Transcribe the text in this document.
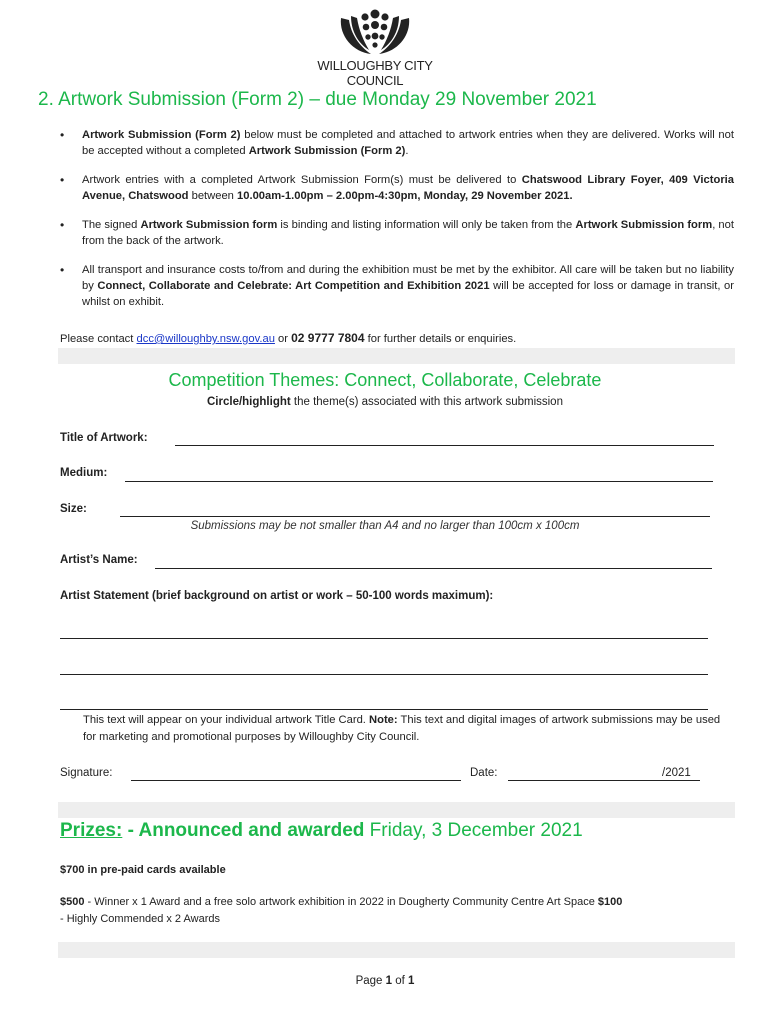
WILLOUGHBY CITY COUNCIL
2. Artwork Submission (Form 2) – due Monday 29 November 2021
• Artwork Submission (Form 2) below must be completed and attached to artwork entries when they are delivered. Works will not be accepted without a completed Artwork Submission (Form 2).
• Artwork entries with a completed Artwork Submission Form(s) must be delivered to Chatswood Library Foyer, 409 Victoria Avenue, Chatswood between 10.00am-1.00pm – 2.00pm-4:30pm, Monday, 29 November 2021.
• The signed Artwork Submission form is binding and listing information will only be taken from the Artwork Submission form, not from the back of the artwork.
• All transport and insurance costs to/from and during the exhibition must be met by the exhibitor. All care will be taken but no liability by Connect, Collaborate and Celebrate: Art Competition and Exhibition 2021 will be accepted for loss or damage in transit, or whilst on exhibit.
Please contact dcc@willoughby.nsw.gov.au or 02 9777 7804 for further details or enquiries.
Competition Themes: Connect, Collaborate, Celebrate
Circle/highlight the theme(s) associated with this artwork submission
Title of Artwork:
Medium:
Size:
Submissions may be not smaller than A4 and no larger than 100cm x 100cm
Artist’s Name:
Artist Statement (brief background on artist or work – 50-100 words maximum):
This text will appear on your individual artwork Title Card. Note: This text and digital images of artwork submissions may be used for marketing and promotional purposes by Willoughby City Council.
Signature:	Date:	/2021
Prizes: - Announced and awarded Friday, 3 December 2021
$700 in pre-paid cards available
$500 - Winner x 1 Award and a free solo artwork exhibition in 2022 in Dougherty Community Centre Art Space $100
- Highly Commended x 2 Awards
Page 1 of 1
